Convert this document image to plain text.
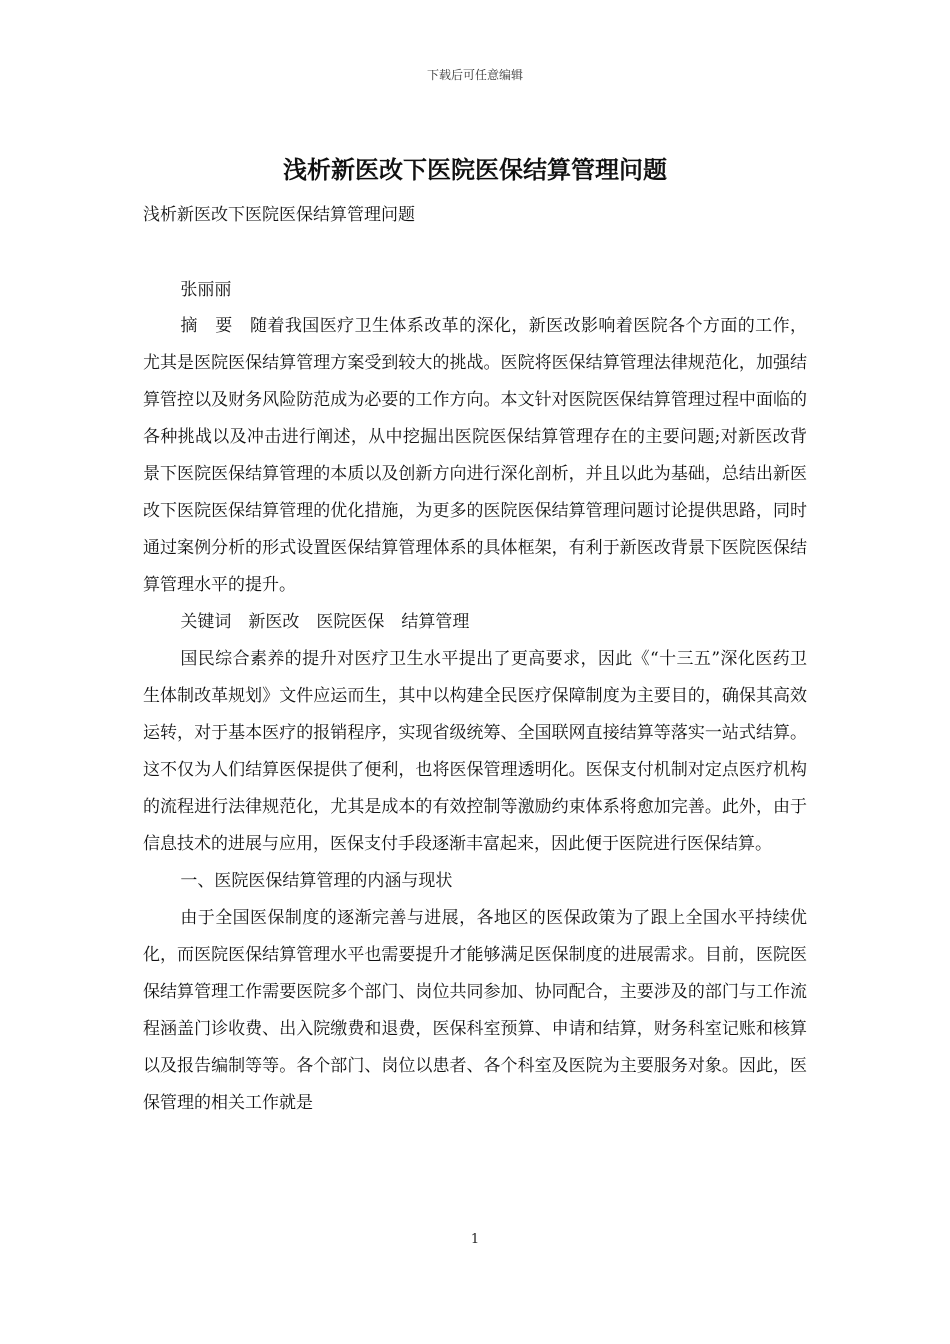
下载后可任意编辑
浅析新医改下医院医保结算管理问题

浅析新医改下医院医保结算管理问题

张丽丽

摘　要　随着我国医疗卫生体系改革的深化，新医改影响着医院各个方面的工作，尤其是医院医保结算管理方案受到较大的挑战。医院将医保结算管理法律规范化，加强结算管控以及财务风险防范成为必要的工作方向。本文针对医院医保结算管理过程中面临的各种挑战以及冲击进行阐述，从中挖掘出医院医保结算管理存在的主要问题;对新医改背景下医院医保结算管理的本质以及创新方向进行深化剖析，并且以此为基础，总结出新医改下医院医保结算管理的优化措施，为更多的医院医保结算管理问题讨论提供思路，同时通过案例分析的形式设置医保结算管理体系的具体框架，有利于新医改背景下医院医保结算管理水平的提升。

关键词　新医改　医院医保　结算管理

国民综合素养的提升对医疗卫生水平提出了更高要求，因此《“十三五”深化医药卫生体制改革规划》文件应运而生，其中以构建全民医疗保障制度为主要目的，确保其高效运转，对于基本医疗的报销程序，实现省级统筹、全国联网直接结算等落实一站式结算。这不仅为人们结算医保提供了便利，也将医保管理透明化。医保支付机制对定点医疗机构的流程进行法律规范化，尤其是成本的有效控制等激励约束体系将愈加完善。此外，由于信息技术的进展与应用，医保支付手段逐渐丰富起来，因此便于医院进行医保结算。

一、医院医保结算管理的内涵与现状

由于全国医保制度的逐渐完善与进展，各地区的医保政策为了跟上全国水平持续优化，而医院医保结算管理水平也需要提升才能够满足医保制度的进展需求。目前，医院医保结算管理工作需要医院多个部门、岗位共同参加、协同配合，主要涉及的部门与工作流程涵盖门诊收费、出入院缴费和退费，医保科室预算、申请和结算，财务科室记账和核算以及报告编制等等。各个部门、岗位以患者、各个科室及医院为主要服务对象。因此，医保管理的相关工作就是

1
